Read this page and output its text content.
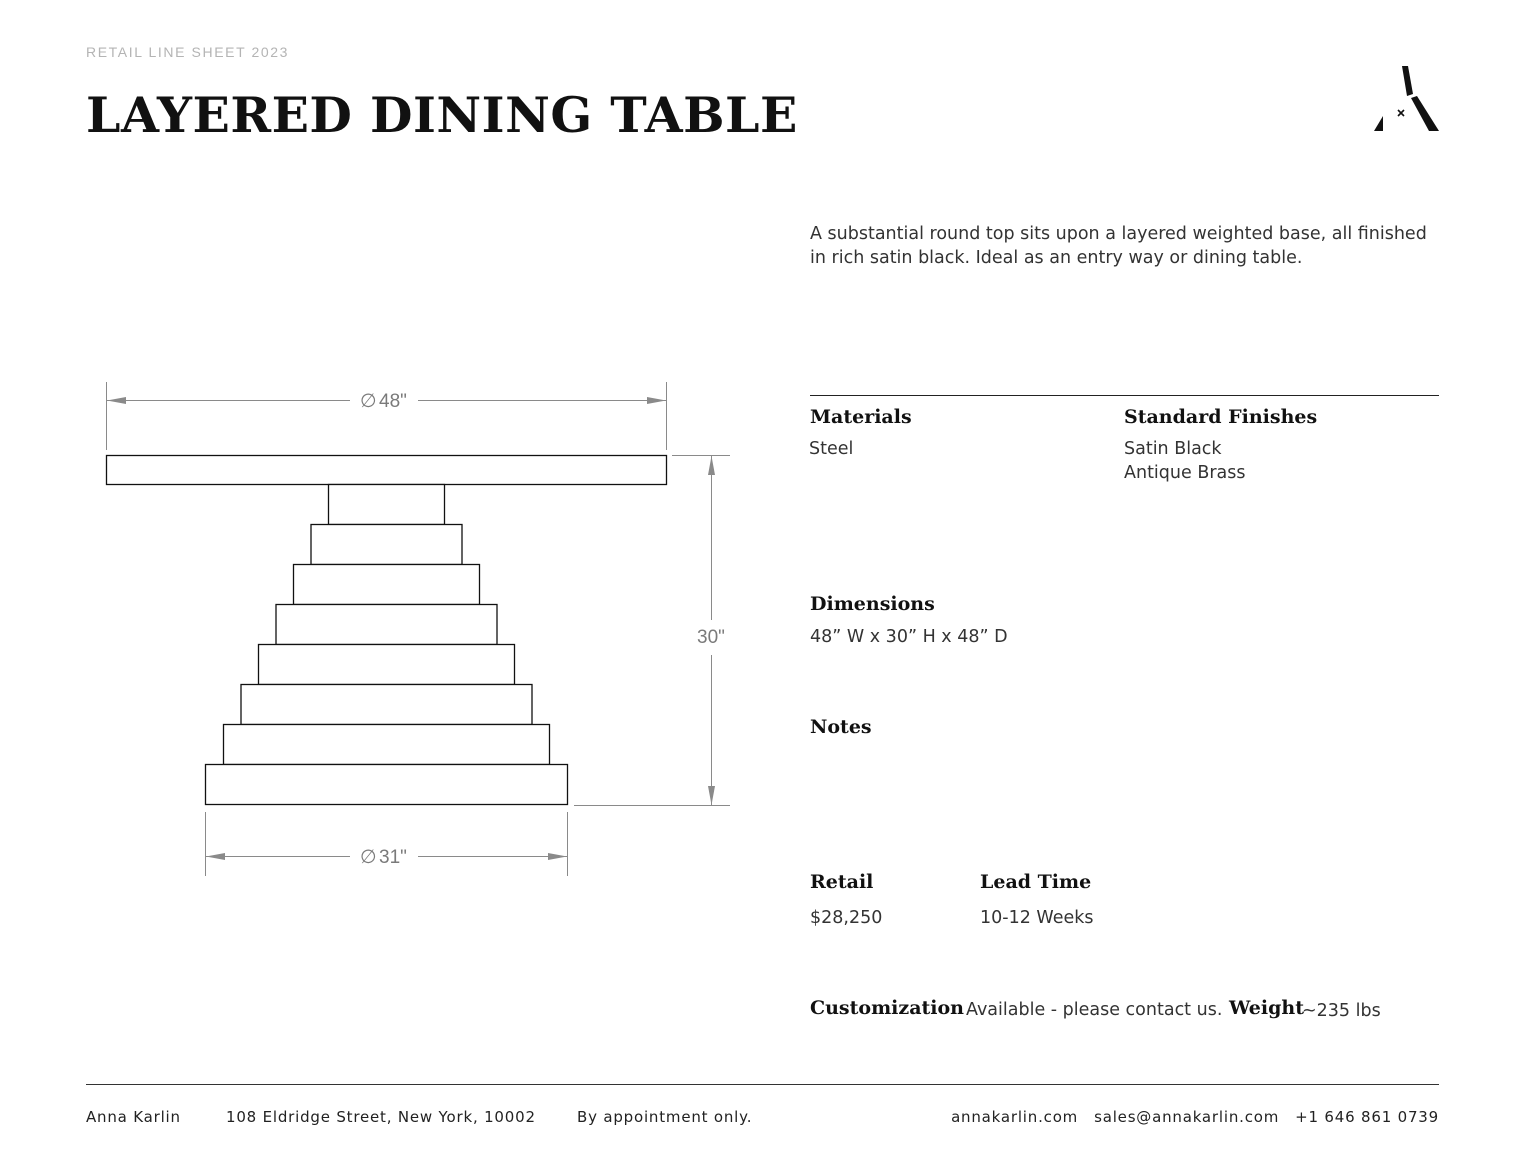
RETAIL LINE SHEET 2023
LAYERED DINING TABLE

A substantial round top sits upon a layered weighted base, all finished in rich satin black. Ideal as an entry way or dining table.

∅ 48"
30"
∅ 31"
Materials
Steel
Standard Finishes
Satin Black
Antique Brass
Dimensions
48” W x 30” H x 48” D
Notes
Retail
$28,250
Lead Time
10-12 Weeks
Customization Available - please contact us. Weight
~235 lbs
Anna Karlin	108 Eldridge Street, New York, 10002	By appointment only.	annakarlin.com sales@annakarlin.com +1 646 861 0739
